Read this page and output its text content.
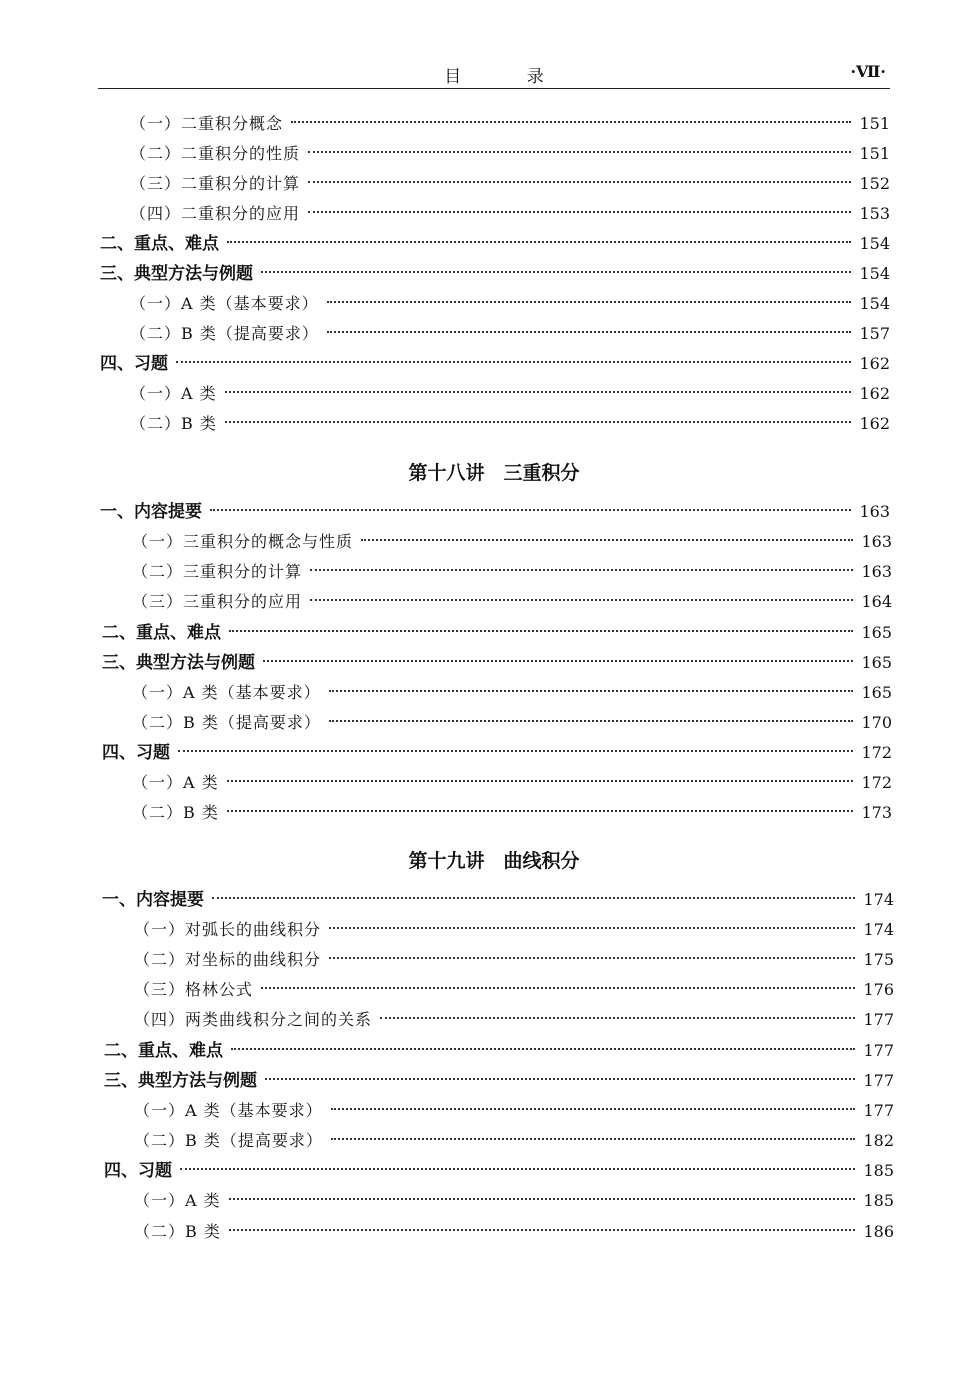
目 录	·Ⅶ·
（一）二重积分概念	151
（二）二重积分的性质	151
（三）二重积分的计算	152
（四）二重积分的应用	153
二、重点、难点	154
三、典型方法与例题	154
（一）A 类（基本要求）	154
（二）B 类（提高要求）	157
四、习题	162
（一）A 类	162
（二）B 类	162
第十八讲　三重积分
一、内容提要	163
（一）三重积分的概念与性质	163
（二）三重积分的计算	163
（三）三重积分的应用	164
二、重点、难点	165
三、典型方法与例题	165
（一）A 类（基本要求）	165
（二）B 类（提高要求）	170
四、习题	172
（一）A 类	172
（二）B 类	173
第十九讲　曲线积分
一、内容提要	174
（一）对弧长的曲线积分	174
（二）对坐标的曲线积分	175
（三）格林公式	176
（四）两类曲线积分之间的关系	177
二、重点、难点	177
三、典型方法与例题	177
（一）A 类（基本要求）	177
（二）B 类（提高要求）	182
四、习题	185
（一）A 类	185
（二）B 类	186
